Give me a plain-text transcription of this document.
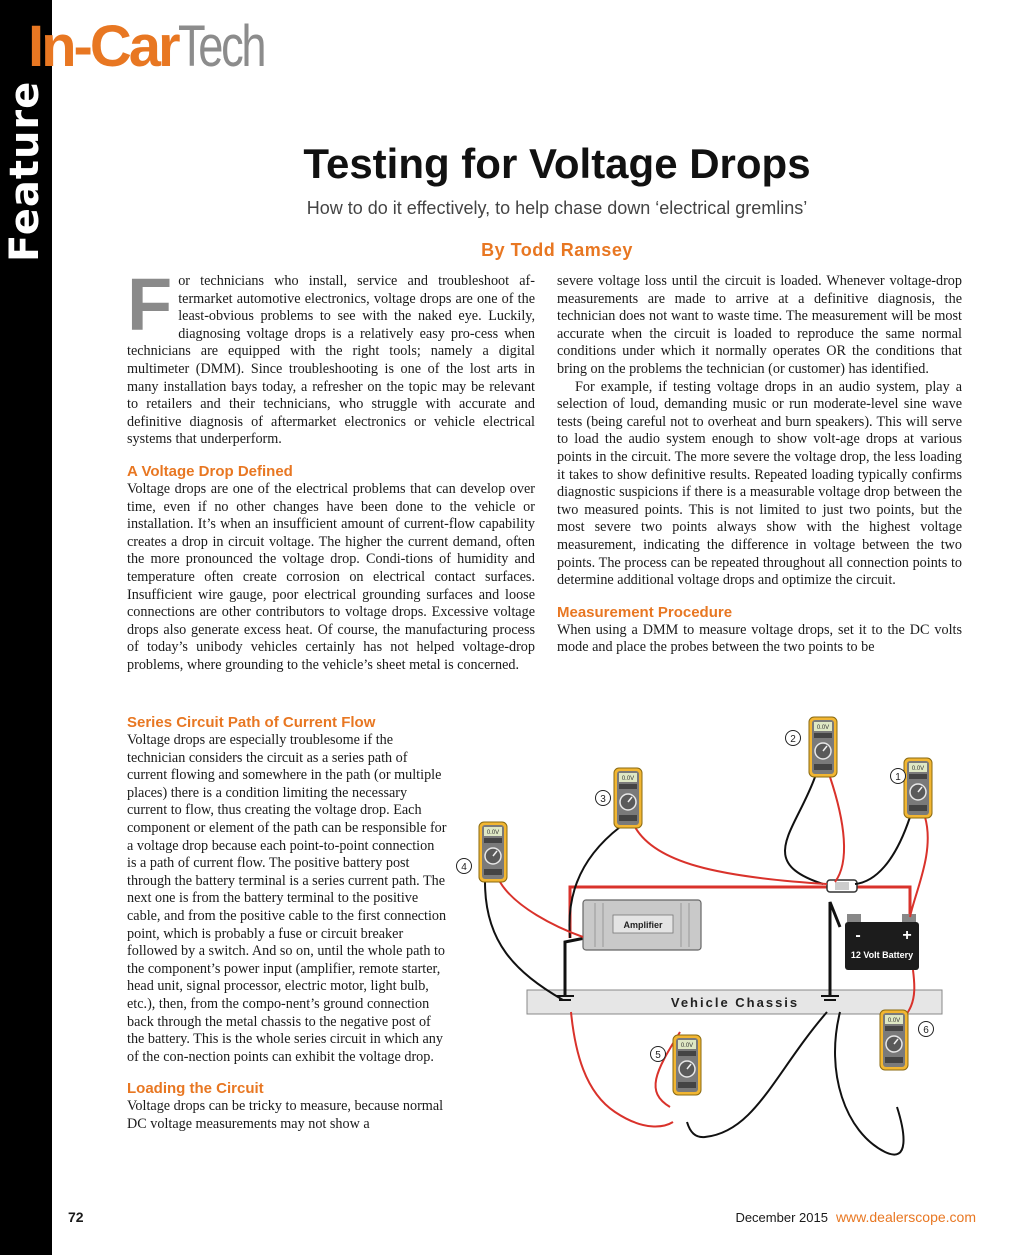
Feature
In-CarTech
Testing for Voltage Drops
How to do it effectively, to help chase down ‘electrical gremlins’
By Todd Ramsey

For technicians who install, service and troubleshoot af-termarket automotive electronics, voltage drops are one of the least-obvious problems to see with the naked eye. Luckily, diagnosing voltage drops is a relatively easy pro-cess when technicians are equipped with the right tools; namely a digital multimeter (DMM). Since troubleshooting is one of the lost arts in many installation bays today, a refresher on the topic may be relevant to retailers and their technicians, who struggle with accurate and definitive diagnosis of aftermarket electronics or vehicle electrical systems that underperform.

A Voltage Drop Defined

Voltage drops are one of the electrical problems that can develop over time, even if no other changes have been done to the vehicle or installation. It’s when an insufficient amount of current-flow capability creates a drop in circuit voltage. The higher the current demand, often the more pronounced the voltage drop. Condi-tions of humidity and temperature often create corrosion on electrical contact surfaces. Insufficient wire gauge, poor electrical grounding surfaces and loose connections are other contributors to voltage drops. Excessive voltage drops also generate excess heat. Of course, the manufacturing process of today’s unibody vehicles certainly has not helped voltage-drop problems, where grounding to the vehicle’s sheet metal is concerned.

severe voltage loss until the circuit is loaded. Whenever voltage-drop measurements are made to arrive at a definitive diagnosis, the technician does not want to waste time. The measurement will be most accurate when the circuit is loaded to reproduce the same normal conditions under which it normally operates OR the conditions that bring on the problems the technician (or customer) has identified.

For example, if testing voltage drops in an audio system, play a selection of loud, demanding music or run moderate-level sine wave tests (being careful not to overheat and burn speakers). This will serve to load the audio system enough to show volt-age drops at various points in the circuit. The more severe the voltage drop, the less loading it takes to show definitive results. Repeated loading typically confirms diagnostic suspicions if there is a measurable voltage drop between the two measured points. This is not limited to just two points, but the most severe two points always show with the highest voltage measurement, indicating the difference in voltage between the two points. The process can be repeated throughout all connection points to determine additional voltage drops and optimize the circuit.

Measurement Procedure

When using a DMM to measure voltage drops, set it to the DC volts mode and place the probes between the two points to be

Series Circuit Path of Current Flow

Voltage drops are especially troublesome if the technician considers the circuit as a series path of current flowing and somewhere in the path (or multiple places) there is a condition limiting the necessary current to flow, thus creating the voltage drop. Each component or element of the path can be responsible for a voltage drop because each point-to-point connection is a path of current flow. The positive battery post through the battery terminal is a series current path. The next one is from the battery terminal to the positive cable, and from the positive cable to the first connection point, which is probably a fuse or circuit breaker followed by a switch. And so on, until the whole path to the component’s power input (amplifier, remote starter, head unit, signal processor, electric motor, light bulb, etc.), then, from the compo-nent’s ground connection back through the metal chassis to the negative post of the battery. This is the whole series circuit in which any of the con-nection points can exhibit the voltage drop.

Loading the Circuit

Voltage drops can be tricky to measure, because normal DC voltage measurements may not show a

Vehicle Chassis
Amplifier
-	+
12 Volt Battery
0.0V
0.0V
0.0V
0.0V
0.0V
0.0V
1
2
3
4
5
6
72	December 2015 www.dealerscope.com
